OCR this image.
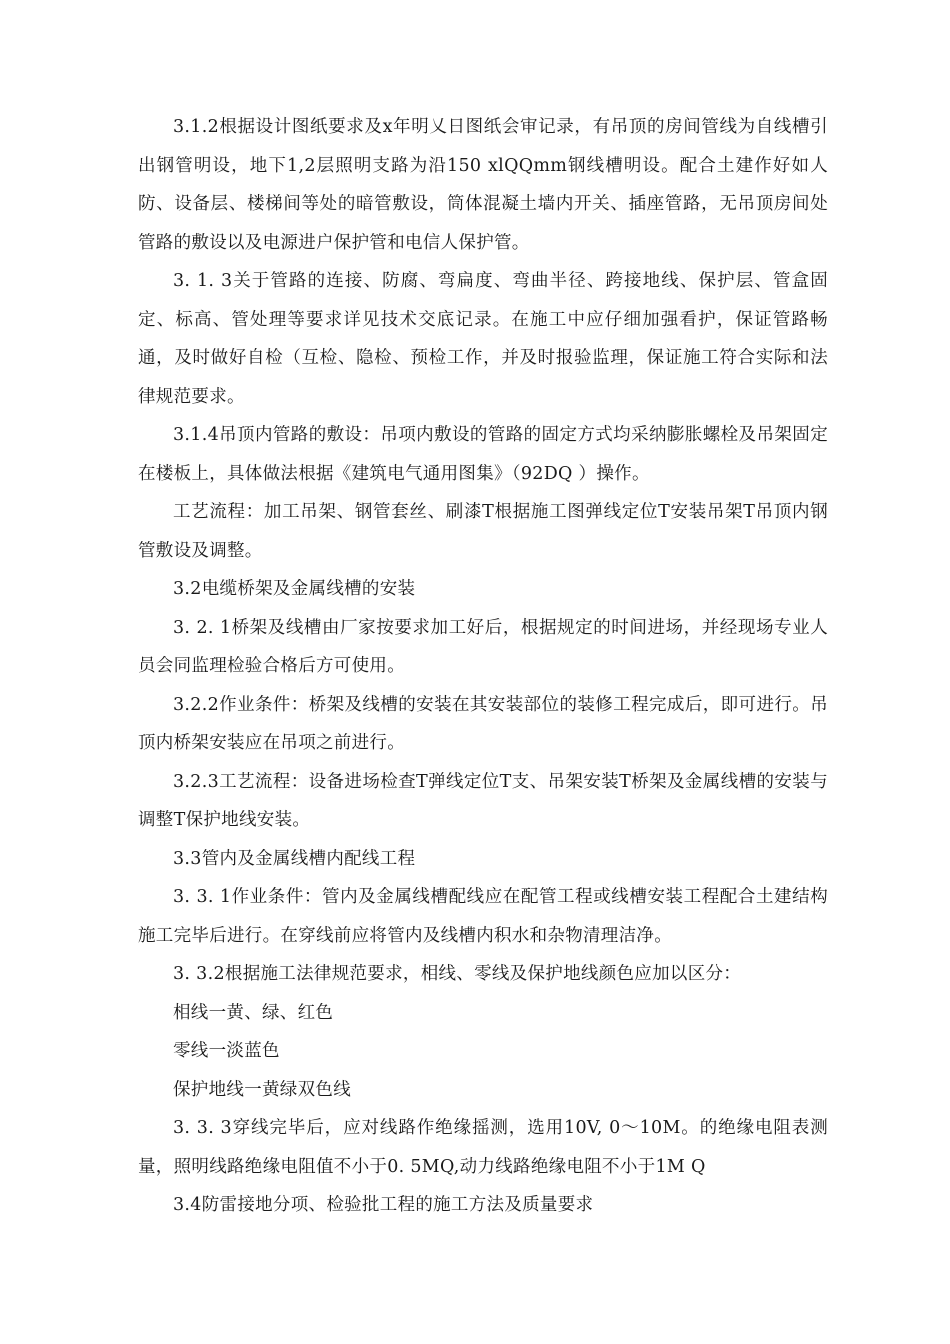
3.1.2根据设计图纸要求及x年明乂日图纸会审记录，有吊顶的房间管线为自线槽引出钢管明设，地下1,2层照明支路为沿150 xlQQmm钢线槽明设。配合土建作好如人防、设备层、楼梯间等处的暗管敷设，筒体混凝土墙内开关、插座管路，无吊顶房间处管路的敷设以及电源进户保护管和电信人保护管。

3. 1. 3关于管路的连接、防腐、弯扁度、弯曲半径、跨接地线、保护层、管盒固定、标高、管处理等要求详见技术交底记录。在施工中应仔细加强看护，保证管路畅通，及时做好自检（互检、隐检、预检工作，并及时报验监理，保证施工符合实际和法律规范要求。

3.1.4吊顶内管路的敷设：吊项内敷设的管路的固定方式均采纳膨胀螺栓及吊架固定在楼板上，具体做法根据《建筑电气通用图集》（92DQ ）操作。

工艺流程：加工吊架、钢管套丝、刷漆T根据施工图弹线定位T安装吊架T吊顶内钢管敷设及调整。

3.2电缆桥架及金属线槽的安装

3. 2. 1桥架及线槽由厂家按要求加工好后，根据规定的时间进场，并经现场专业人员会同监理检验合格后方可使用。

3.2.2作业条件：桥架及线槽的安装在其安装部位的装修工程完成后，即可进行。吊顶内桥架安装应在吊项之前进行。

3.2.3工艺流程：设备进场检查T弹线定位T支、吊架安装T桥架及金属线槽的安装与调整T保护地线安装。

3.3管内及金属线槽内配线工程

3. 3. 1作业条件：管内及金属线槽配线应在配管工程或线槽安装工程配合土建结构施工完毕后进行。在穿线前应将管内及线槽内积水和杂物清理洁净。

3. 3.2根据施工法律规范要求，相线、零线及保护地线颜色应加以区分：

相线一黄、绿、红色

零线一淡蓝色

保护地线一黄绿双色线

3. 3. 3穿线完毕后，应对线路作绝缘摇测，选用10V, 0〜10M。的绝缘电阻表测量，照明线路绝缘电阻值不小于0. 5MQ,动力线路绝缘电阻不小于1M Q

3.4防雷接地分项、检验批工程的施工方法及质量要求
